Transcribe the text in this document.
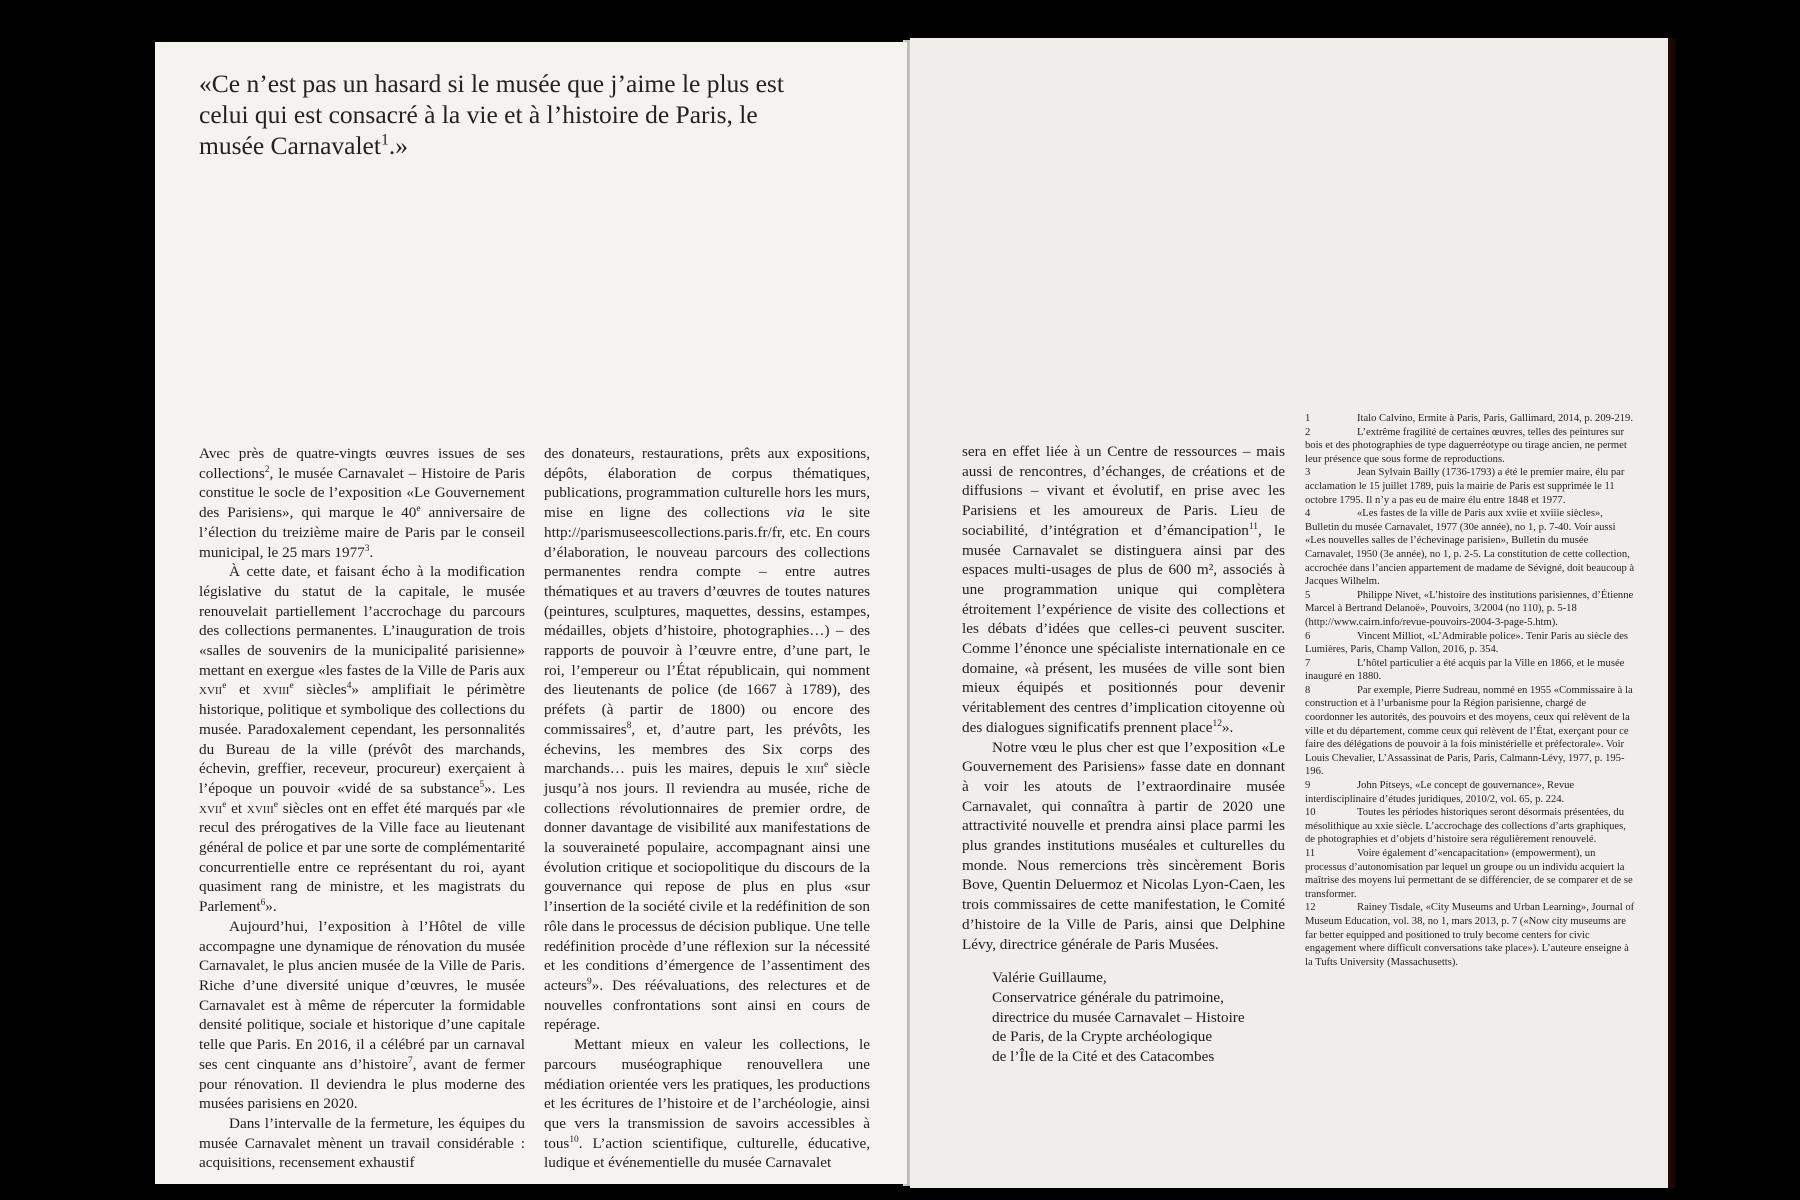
«Ce n’est pas un hasard si le musée que j’aime le plus est celui qui est consacré à la vie et à l’histoire de Paris, le musée Carnavalet$^1$.»

Avec près de quatre-vingts œuvres issues de ses collections$^2$, le musée Carnavalet – Histoire de Paris constitue le socle de l’exposition «Le Gouvernement des Parisiens», qui marque le 40e anniversaire de l’élection du treizième maire de Paris par le conseil municipal, le 25 mars 1977$^3$.

À cette date, et faisant écho à la modification législative du statut de la capitale, le musée renouvelait partiellement l’accrochage du parcours des collections permanentes. L’inauguration de trois «salles de souvenirs de la municipalité parisienne» mettant en exergue «les fastes de la Ville de Paris aux xvii$^e$ et xviii$^e$ siècles$^4$» amplifiait le périmètre historique, politique et symbolique des collections du musée. Paradoxalement cependant, les personnalités du Bureau de la ville (prévôt des marchands, échevin, greffier, receveur, procureur) exerçaient à l’époque un pouvoir «vidé de sa substance$^5$». Les xvii$^e$ et xviii$^e$ siècles ont en effet été marqués par «le recul des prérogatives de la Ville face au lieutenant général de police et par une sorte de complémentarité concurrentielle entre ce représentant du roi, ayant quasiment rang de ministre, et les magistrats du Parlement$^6$».

Aujourd’hui, l’exposition à l’Hôtel de ville accompagne une dynamique de rénovation du musée Carnavalet, le plus ancien musée de la Ville de Paris. Riche d’une diversité unique d’œuvres, le musée Carnavalet est à même de répercuter la formidable densité politique, sociale et historique d’une capitale telle que Paris. En 2016, il a célébré par un carnaval ses cent cinquante ans d’histoire$^7$, avant de fermer pour rénovation. Il deviendra le plus moderne des musées parisiens en 2020.

Dans l’intervalle de la fermeture, les équipes du musée Carnavalet mènent un travail considérable : acquisitions, recensement exhaustif

des donateurs, restaurations, prêts aux expositions, dépôts, élaboration de corpus thématiques, publications, programmation culturelle hors les murs, mise en ligne des collections via le site http://parismuseescollections.paris.fr/fr, etc. En cours d’élaboration, le nouveau parcours des collections permanentes rendra compte – entre autres thématiques et au travers d’œuvres de toutes natures (peintures, sculptures, maquettes, dessins, estampes, médailles, objets d’histoire, photographies…) – des rapports de pouvoir à l’œuvre entre, d’une part, le roi, l’empereur ou l’État républicain, qui nomment des lieutenants de police (de 1667 à 1789), des préfets (à partir de 1800) ou encore des commissaires$^8$, et, d’autre part, les prévôts, les échevins, les membres des Six corps des marchands… puis les maires, depuis le xiii$^e$ siècle jusqu’à nos jours. Il reviendra au musée, riche de collections révolutionnaires de premier ordre, de donner davantage de visibilité aux manifestations de la souveraineté populaire, accompagnant ainsi une évolution critique et sociopolitique du discours de la gouvernance qui repose de plus en plus «sur l’insertion de la société civile et la redéfinition de son rôle dans le processus de décision publique. Une telle redéfinition procède d’une réflexion sur la nécessité et les conditions d’émergence de l’assentiment des acteurs$^9$». Des réévaluations, des relectures et de nouvelles confrontations sont ainsi en cours de repérage.

Mettant mieux en valeur les collections, le parcours muséographique renouvellera une médiation orientée vers les pratiques, les productions et les écritures de l’histoire et de l’archéologie, ainsi que vers la transmission de savoirs accessibles à tous$^{10}$. L’action scientifique, culturelle, éducative, ludique et événementielle du musée Carnavalet

sera en effet liée à un Centre de ressources – mais aussi de rencontres, d’échanges, de créations et de diffusions – vivant et évolutif, en prise avec les Parisiens et les amoureux de Paris. Lieu de sociabilité, d’intégration et d’émancipation$^{11}$, le musée Carnavalet se distinguera ainsi par des espaces multi-usages de plus de 600 m², associés à une programmation unique qui complètera étroitement l’expérience de visite des collections et les débats d’idées que celles-ci peuvent susciter. Comme l’énonce une spécialiste internationale en ce domaine, «à présent, les musées de ville sont bien mieux équipés et positionnés pour devenir véritablement des centres d’implication citoyenne où des dialogues significatifs prennent place$^{12}$».

Notre vœu le plus cher est que l’exposition «Le Gouvernement des Parisiens» fasse date en donnant à voir les atouts de l’extraordinaire musée Carnavalet, qui connaîtra à partir de 2020 une attractivité nouvelle et prendra ainsi place parmi les plus grandes institutions muséales et culturelles du monde. Nous remercions très sincèrement Boris Bove, Quentin Deluermoz et Nicolas Lyon-Caen, les trois commissaires de cette manifestation, le Comité d’histoire de la Ville de Paris, ainsi que Delphine Lévy, directrice générale de Paris Musées.

Valérie Guillaume,
Conservatrice générale du patrimoine,
directrice du musée Carnavalet – Histoire
de Paris, de la Crypte archéologique
de l’Île de la Cité et des Catacombes

1	Italo Calvino, Ermite à Paris, Paris, Gallimard, 2014, p. 209-219.

2	L’extrême fragilité de certaines œuvres, telles des peintures sur bois et des photographies de type daguerréotype ou tirage ancien, ne permet leur présence que sous forme de reproductions.

3	Jean Sylvain Bailly (1736-1793) a été le premier maire, élu par acclamation le 15 juillet 1789, puis la mairie de Paris est supprimée le 11 octobre 1795. Il n’y a pas eu de maire élu entre 1848 et 1977.

4	«Les fastes de la ville de Paris aux xviie et xviiie siècles», Bulletin du musée Carnavalet, 1977 (30e année), no 1, p. 7-40. Voir aussi «Les nouvelles salles de l’échevinage parisien», Bulletin du musée Carnavalet, 1950 (3e année), no 1, p. 2-5. La constitution de cette collection, accrochée dans l’ancien appartement de madame de Sévigné, doit beaucoup à Jacques Wilhelm.

5	Philippe Nivet, «L’histoire des institutions parisiennes, d’Étienne Marcel à Bertrand Delanoë», Pouvoirs, 3/2004 (no 110), p. 5-18 (http://www.cairn.info/revue-pouvoirs-2004-3-page-5.htm).

6	Vincent Milliot, «L’Admirable police». Tenir Paris au siècle des Lumières, Paris, Champ Vallon, 2016, p. 354.

7	L’hôtel particulier a été acquis par la Ville en 1866, et le musée inauguré en 1880.

8	Par exemple, Pierre Sudreau, nommé en 1955 «Commissaire à la construction et à l’urbanisme pour la Région parisienne, chargé de coordonner les autorités, des pouvoirs et des moyens, ceux qui relèvent de la ville et du département, comme ceux qui relèvent de l’État, exerçant pour ce faire des délégations de pouvoir à la fois ministérielle et préfectorale». Voir Louis Chevalier, L’Assassinat de Paris, Paris, Calmann-Lévy, 1977, p. 195-196.

9	John Pitseys, «Le concept de gouvernance», Revue interdisciplinaire d’études juridiques, 2010/2, vol. 65, p. 224.

10	Toutes les périodes historiques seront désormais présentées, du mésolithique au xxie siècle. L’accrochage des collections d’arts graphiques, de photographies et d’objets d’histoire sera régulièrement renouvelé.

11	Voire également d’«encapacitation» (empowerment), un processus d’autonomisation par lequel un groupe ou un individu acquiert la maîtrise des moyens lui permettant de se différencier, de se comparer et de se transformer.

12	Rainey Tisdale, «City Museums and Urban Learning», Journal of Museum Education, vol. 38, no 1, mars 2013, p. 7 («Now city museums are far better equipped and positioned to truly become centers for civic engagement where difficult conversations take place»). L’auteure enseigne à la Tufts University (Massachusetts).
